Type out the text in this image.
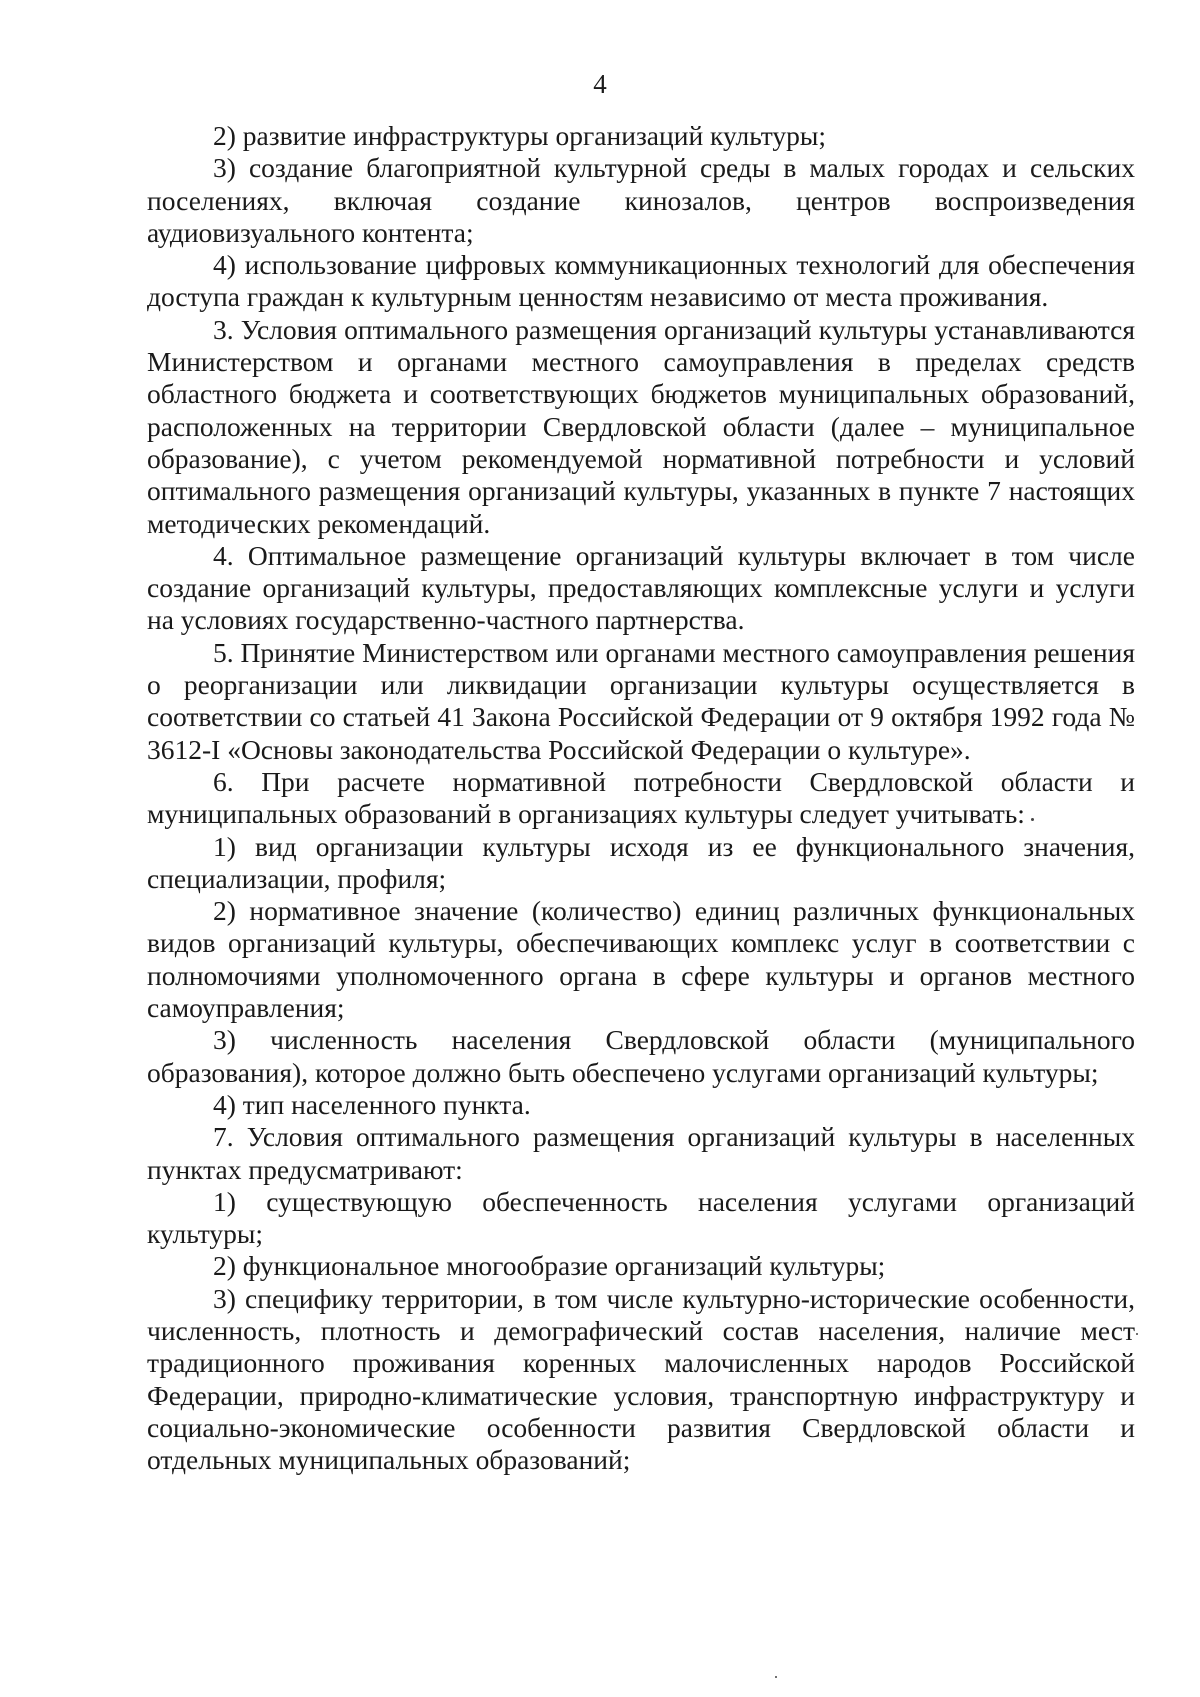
4

2) развитие инфраструктуры организаций культуры;

3) создание благоприятной культурной среды в малых городах и сельских поселениях, включая создание кинозалов, центров воспроизведения аудиовизуального контента;

4) использование цифровых коммуникационных технологий для обеспечения доступа граждан к культурным ценностям независимо от места проживания.

3. Условия оптимального размещения организаций культуры устанавливаются Министерством и органами местного самоуправления в пределах средств областного бюджета и соответствующих бюджетов муниципальных образований, расположенных на территории Свердловской области (далее – муниципальное образование), с учетом рекомендуемой нормативной потребности и условий оптимального размещения организаций культуры, указанных в пункте 7 настоящих методических рекомендаций.

4. Оптимальное размещение организаций культуры включает в том числе создание организаций культуры, предоставляющих комплексные услуги и услуги на условиях государственно-частного партнерства.

5. Принятие Министерством или органами местного самоуправления решения о реорганизации или ликвидации организации культуры осуществляется в соответствии со статьей 41 Закона Российской Федерации от 9 октября 1992 года № 3612-I «Основы законодательства Российской Федерации о культуре».

6. При расчете нормативной потребности Свердловской области и муниципальных образований в организациях культуры следует учитывать:

1) вид организации культуры исходя из ее функционального значения, специализации, профиля;

2) нормативное значение (количество) единиц различных функциональных видов организаций культуры, обеспечивающих комплекс услуг в соответствии с полномочиями уполномоченного органа в сфере культуры и органов местного самоуправления;

3) численность населения Свердловской области (муниципального образования), которое должно быть обеспечено услугами организаций культуры;

4) тип населенного пункта.

7. Условия оптимального размещения организаций культуры в населенных пунктах предусматривают:

1) существующую обеспеченность населения услугами организаций культуры;

2) функциональное многообразие организаций культуры;

3) специфику территории, в том числе культурно-исторические особенности, численность, плотность и демографический состав населения, наличие мест традиционного проживания коренных малочисленных народов Российской Федерации, природно-климатические условия, транспортную инфраструктуру и социально-экономические особенности развития Свердловской области и отдельных муниципальных образований;
